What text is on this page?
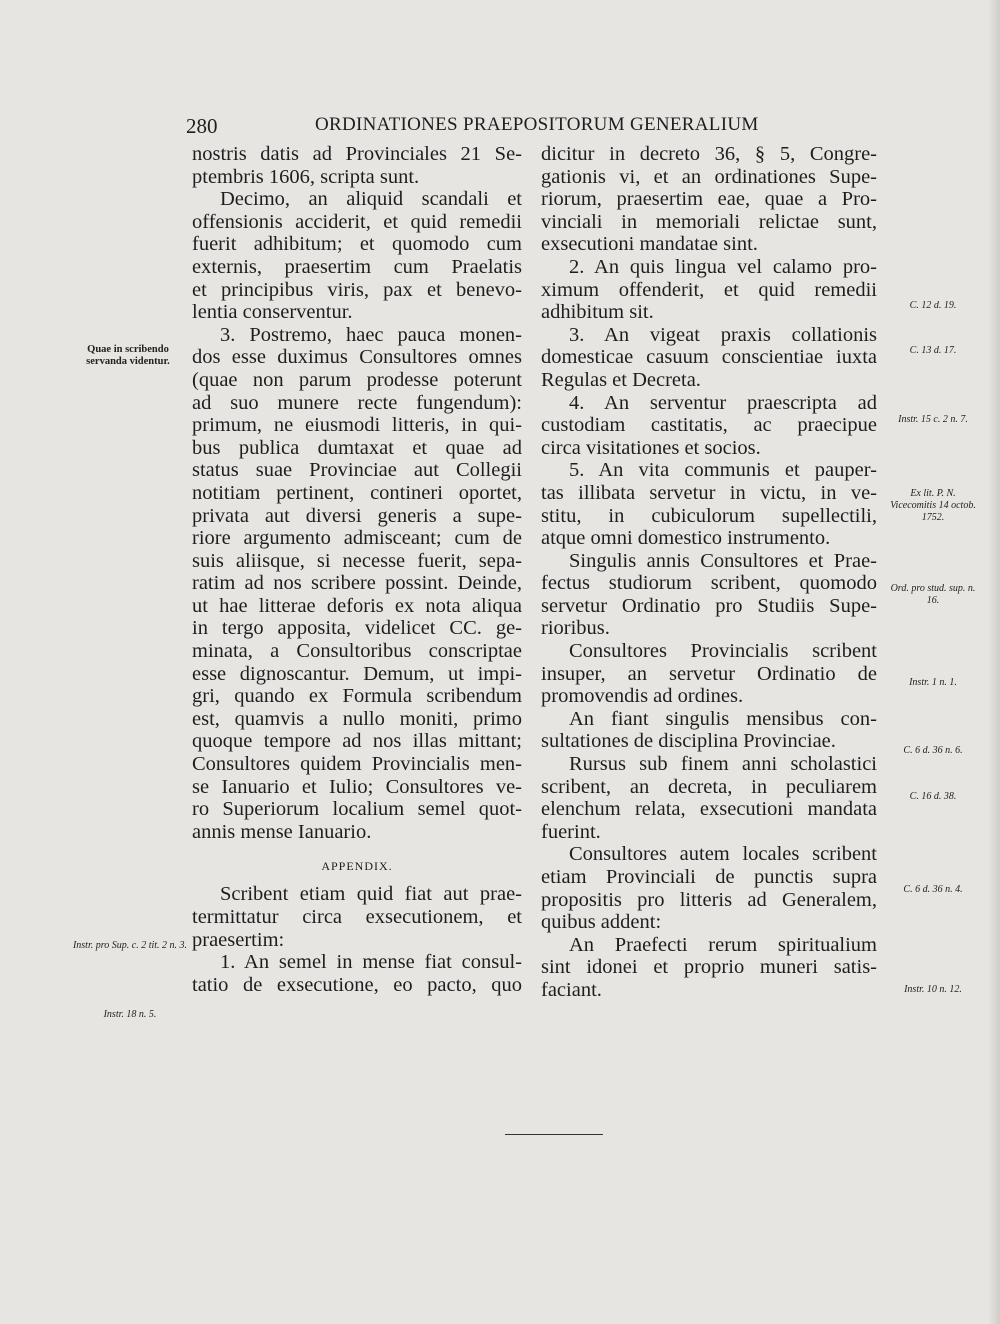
280	ORDINATIONES PRAEPOSITORUM GENERALIUM
Quae in scribendo servanda videntur.
Instr. pro Sup. c. 2 tit. 2 n. 3.
Instr. 18 n. 5.
C. 12 d. 19.
C. 13 d. 17.
Instr. 15 c. 2 n. 7.
Ex lit. P. N. Vicecomitis 14 octob. 1752.
Ord. pro stud. sup. n. 16.
Instr. 1 n. 1.
C. 6 d. 36 n. 6.
C. 16 d. 38.
C. 6 d. 36 n. 4.
Instr. 10 n. 12.
nostris datis ad Provinciales 21 Se-
ptembris 1606, scripta sunt.
Decimo, an aliquid scandali et
offensionis acciderit, et quid remedii
fuerit adhibitum; et quomodo cum
externis, praesertim cum Praelatis
et principibus viris, pax et benevo-
lentia conserventur.
3. Postremo, haec pauca monen-
dos esse duximus Consultores omnes
(quae non parum prodesse poterunt
ad suo munere recte fungendum):
primum, ne eiusmodi litteris, in qui-
bus publica dumtaxat et quae ad
status suae Provinciae aut Collegii
notitiam pertinent, contineri oportet,
privata aut diversi generis a supe-
riore argumento admisceant; cum de
suis aliisque, si necesse fuerit, sepa-
ratim ad nos scribere possint. Deinde,
ut hae litterae deforis ex nota aliqua
in tergo apposita, videlicet CC. ge-
minata, a Consultoribus conscriptae
esse dignoscantur. Demum, ut impi-
gri, quando ex Formula scribendum
est, quamvis a nullo moniti, primo
quoque tempore ad nos illas mittant;
Consultores quidem Provincialis men-
se Ianuario et Iulio; Consultores ve-
ro Superiorum localium semel quot-
annis mense Ianuario.
APPENDIX.
Scribent etiam quid fiat aut prae-
termittatur circa exsecutionem, et
praesertim:
1. An semel in mense fiat consul-
tatio de exsecutione, eo pacto, quo
dicitur in decreto 36, § 5, Congre-
gationis vi, et an ordinationes Supe-
riorum, praesertim eae, quae a Pro-
vinciali in memoriali relictae sunt,
exsecutioni mandatae sint.
2. An quis lingua vel calamo pro-
ximum offenderit, et quid remedii
adhibitum sit.
3. An vigeat praxis collationis
domesticae casuum conscientiae iuxta
Regulas et Decreta.
4. An serventur praescripta ad
custodiam castitatis, ac praecipue
circa visitationes et socios.
5. An vita communis et pauper-
tas illibata servetur in victu, in ve-
stitu, in cubiculorum supellectili,
atque omni domestico instrumento.
Singulis annis Consultores et Prae-
fectus studiorum scribent, quomodo
servetur Ordinatio pro Studiis Supe-
rioribus.
Consultores Provincialis scribent
insuper, an servetur Ordinatio de
promovendis ad ordines.
An fiant singulis mensibus con-
sultationes de disciplina Provinciae.
Rursus sub finem anni scholastici
scribent, an decreta, in peculiarem
elenchum relata, exsecutioni mandata
fuerint.
Consultores autem locales scribent
etiam Provinciali de punctis supra
propositis pro litteris ad Generalem,
quibus addent:
An Praefecti rerum spiritualium
sint idonei et proprio muneri satis-
faciant.
